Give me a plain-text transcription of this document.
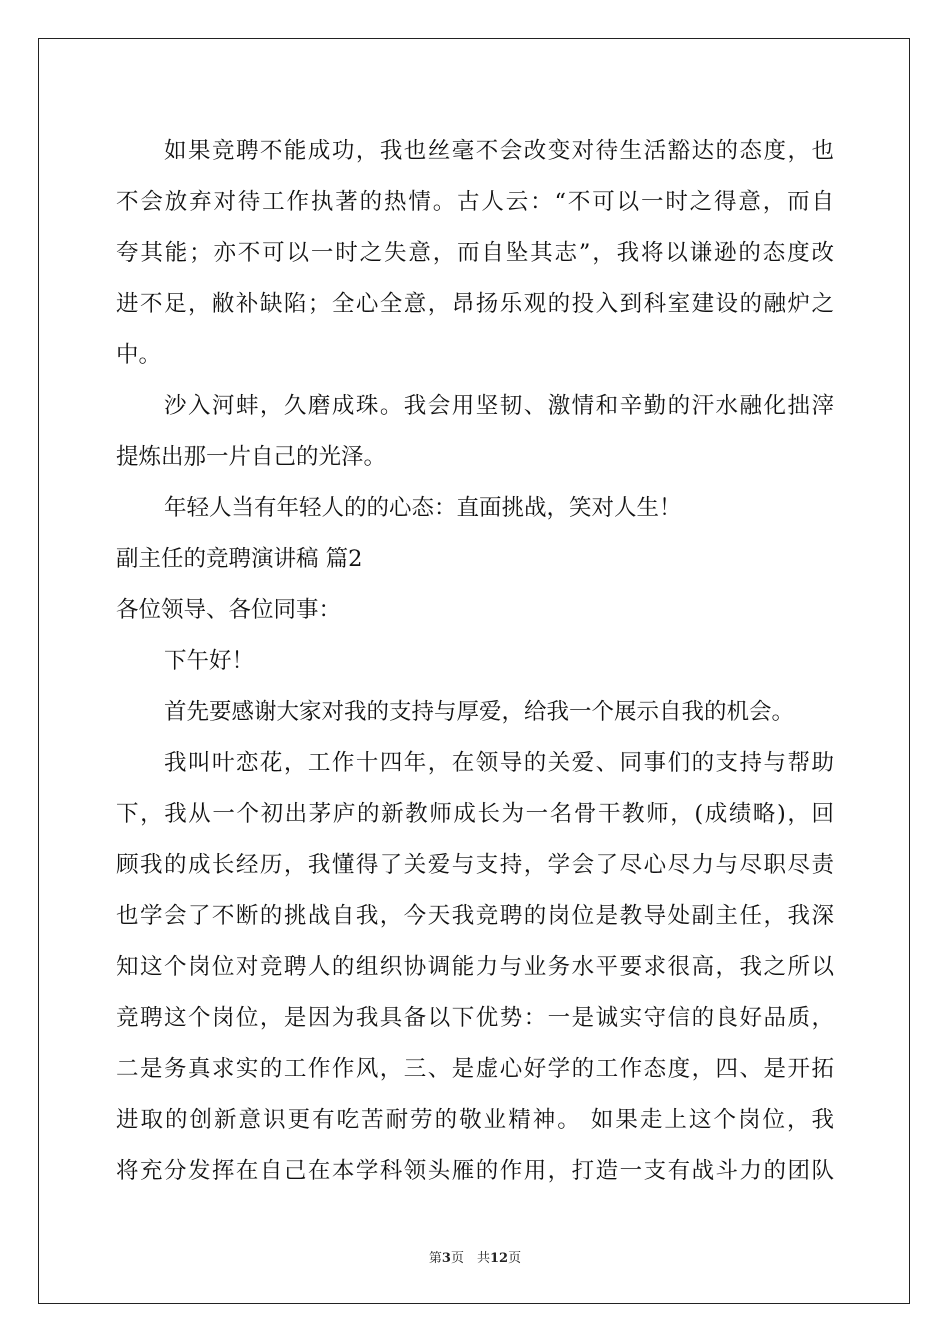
如果竞聘不能成功，我也丝毫不会改变对待生活豁达的态度，也
不会放弃对待工作执著的热情。古人云：“不可以一时之得意，而自
夸其能；亦不可以一时之失意，而自坠其志”，我将以谦逊的态度改
进不足，敝补缺陷；全心全意，昂扬乐观的投入到科室建设的融炉之
中。
沙入河蚌，久磨成珠。我会用坚韧、激情和辛勤的汗水融化拙滓
提炼出那一片自己的光泽。
年轻人当有年轻人的的心态：直面挑战，笑对人生！
副主任的竞聘演讲稿 篇2
各位领导、各位同事：
下午好！
首先要感谢大家对我的支持与厚爱，给我一个展示自我的机会。
我叫叶恋花，工作十四年，在领导的关爱、同事们的支持与帮助
下，我从一个初出茅庐的新教师成长为一名骨干教师，(成绩略)，回
顾我的成长经历，我懂得了关爱与支持，学会了尽心尽力与尽职尽责
也学会了不断的挑战自我，今天我竞聘的岗位是教导处副主任，我深
知这个岗位对竞聘人的组织协调能力与业务水平要求很高，我之所以
竞聘这个岗位，是因为我具备以下优势：一是诚实守信的良好品质，
二是务真求实的工作作风，三、是虚心好学的工作态度，四、是开拓
进取的创新意识更有吃苦耐劳的敬业精神。 如果走上这个岗位，我
将充分发挥在自己在本学科领头雁的作用，打造一支有战斗力的团队
第3页　共12页
